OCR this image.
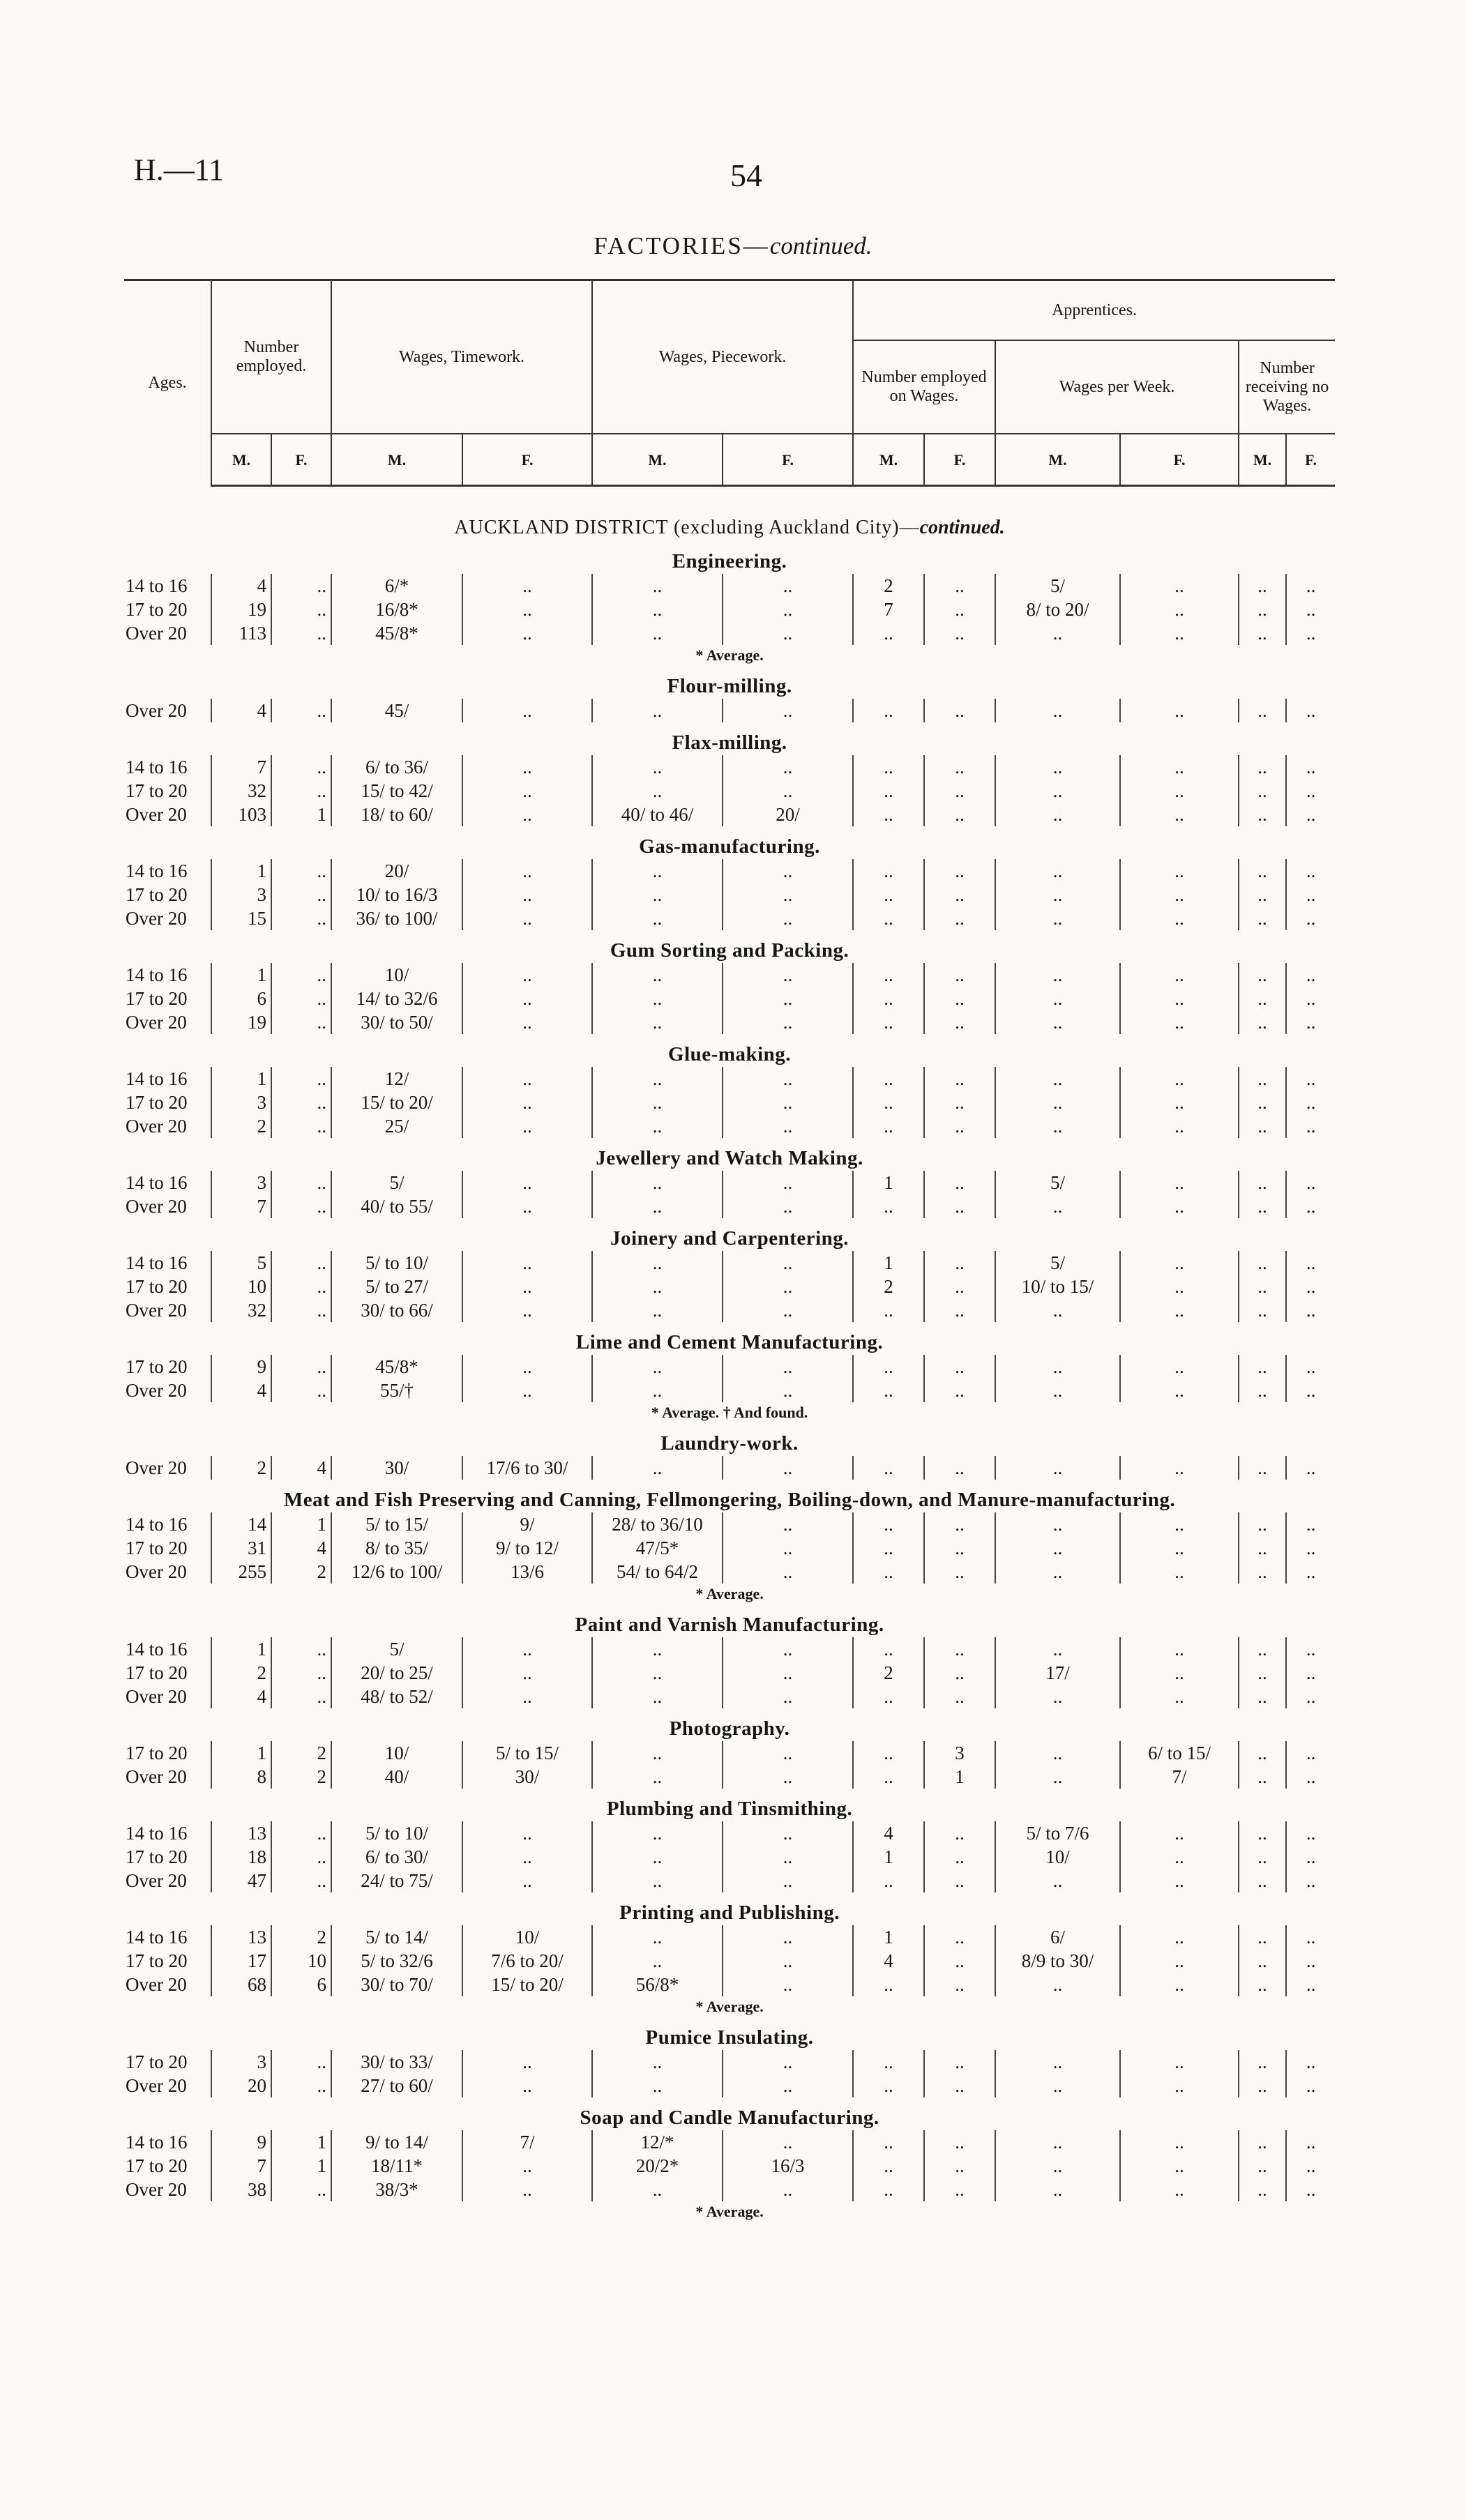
H.—11	54
FACTORIES—continued.
Ages.	Number employed.		Wages, Timework.		Wages, Piecework.		Apprentices.					
							Number employed on Wages.		Wages per Week.		Number receiving no Wages.	
	M.	F.	M.	F.	M.	F.	M.	F.	M.	F.	M.	F.
AUCKLAND DISTRICT (excluding Auckland City)—continued.												
Engineering.												
14 to 16	4	..	6/*	..	..	..	2	..	5/	..	..	..
17 to 20	19	..	16/8*	..	..	..	7	..	8/ to 20/	..	..	..
Over 20	113	..	45/8*	..	..	..	..	..	..	..	..	..
* Average.												
Flour-milling.												
Over 20	4	..	45/	..	..	..	..	..	..	..	..	..
Flax-milling.												
14 to 16	7	..	6/ to 36/	..	..	..	..	..	..	..	..	..
17 to 20	32	..	15/ to 42/	..	..	..	..	..	..	..	..	..
Over 20	103	1	18/ to 60/	..	40/ to 46/	20/	..	..	..	..	..	..
Gas-manufacturing.												
14 to 16	1	..	20/	..	..	..	..	..	..	..	..	..
17 to 20	3	..	10/ to 16/3	..	..	..	..	..	..	..	..	..
Over 20	15	..	36/ to 100/	..	..	..	..	..	..	..	..	..
Gum Sorting and Packing.												
14 to 16	1	..	10/	..	..	..	..	..	..	..	..	..
17 to 20	6	..	14/ to 32/6	..	..	..	..	..	..	..	..	..
Over 20	19	..	30/ to 50/	..	..	..	..	..	..	..	..	..
Glue-making.												
14 to 16	1	..	12/	..	..	..	..	..	..	..	..	..
17 to 20	3	..	15/ to 20/	..	..	..	..	..	..	..	..	..
Over 20	2	..	25/	..	..	..	..	..	..	..	..	..
Jewellery and Watch Making.												
14 to 16	3	..	5/	..	..	..	1	..	5/	..	..	..
Over 20	7	..	40/ to 55/	..	..	..	..	..	..	..	..	..
Joinery and Carpentering.												
14 to 16	5	..	5/ to 10/	..	..	..	1	..	5/	..	..	..
17 to 20	10	..	5/ to 27/	..	..	..	2	..	10/ to 15/	..	..	..
Over 20	32	..	30/ to 66/	..	..	..	..	..	..	..	..	..
Lime and Cement Manufacturing.												
17 to 20	9	..	45/8*	..	..	..	..	..	..	..	..	..
Over 20	4	..	55/†	..	..	..	..	..	..	..	..	..
* Average. † And found.												
Laundry-work.												
Over 20	2	4	30/	17/6 to 30/	..	..	..	..	..	..	..	..
Meat and Fish Preserving and Canning, Fellmongering, Boiling-down, and Manure-manufacturing.												
14 to 16	14	1	5/ to 15/	9/	28/ to 36/10	..	..	..	..	..	..	..
17 to 20	31	4	8/ to 35/	9/ to 12/	47/5*	..	..	..	..	..	..	..
Over 20	255	2	12/6 to 100/	13/6	54/ to 64/2	..	..	..	..	..	..	..
* Average.												
Paint and Varnish Manufacturing.												
14 to 16	1	..	5/	..	..	..	..	..	..	..	..	..
17 to 20	2	..	20/ to 25/	..	..	..	2	..	17/	..	..	..
Over 20	4	..	48/ to 52/	..	..	..	..	..	..	..	..	..
Photography.												
17 to 20	1	2	10/	5/ to 15/	..	..	..	3	..	6/ to 15/	..	..
Over 20	8	2	40/	30/	..	..	..	1	..	7/	..	..
Plumbing and Tinsmithing.												
14 to 16	13	..	5/ to 10/	..	..	..	4	..	5/ to 7/6	..	..	..
17 to 20	18	..	6/ to 30/	..	..	..	1	..	10/	..	..	..
Over 20	47	..	24/ to 75/	..	..	..	..	..	..	..	..	..
Printing and Publishing.												
14 to 16	13	2	5/ to 14/	10/	..	..	1	..	6/	..	..	..
17 to 20	17	10	5/ to 32/6	7/6 to 20/	..	..	4	..	8/9 to 30/	..	..	..
Over 20	68	6	30/ to 70/	15/ to 20/	56/8*	..	..	..	..	..	..	..
* Average.												
Pumice Insulating.												
17 to 20	3	..	30/ to 33/	..	..	..	..	..	..	..	..	..
Over 20	20	..	27/ to 60/	..	..	..	..	..	..	..	..	..
Soap and Candle Manufacturing.												
14 to 16	9	1	9/ to 14/	7/	12/*	..	..	..	..	..	..	..
17 to 20	7	1	18/11*	..	20/2*	16/3	..	..	..	..	..	..
Over 20	38	..	38/3*	..	..	..	..	..	..	..	..	..
* Average.												
